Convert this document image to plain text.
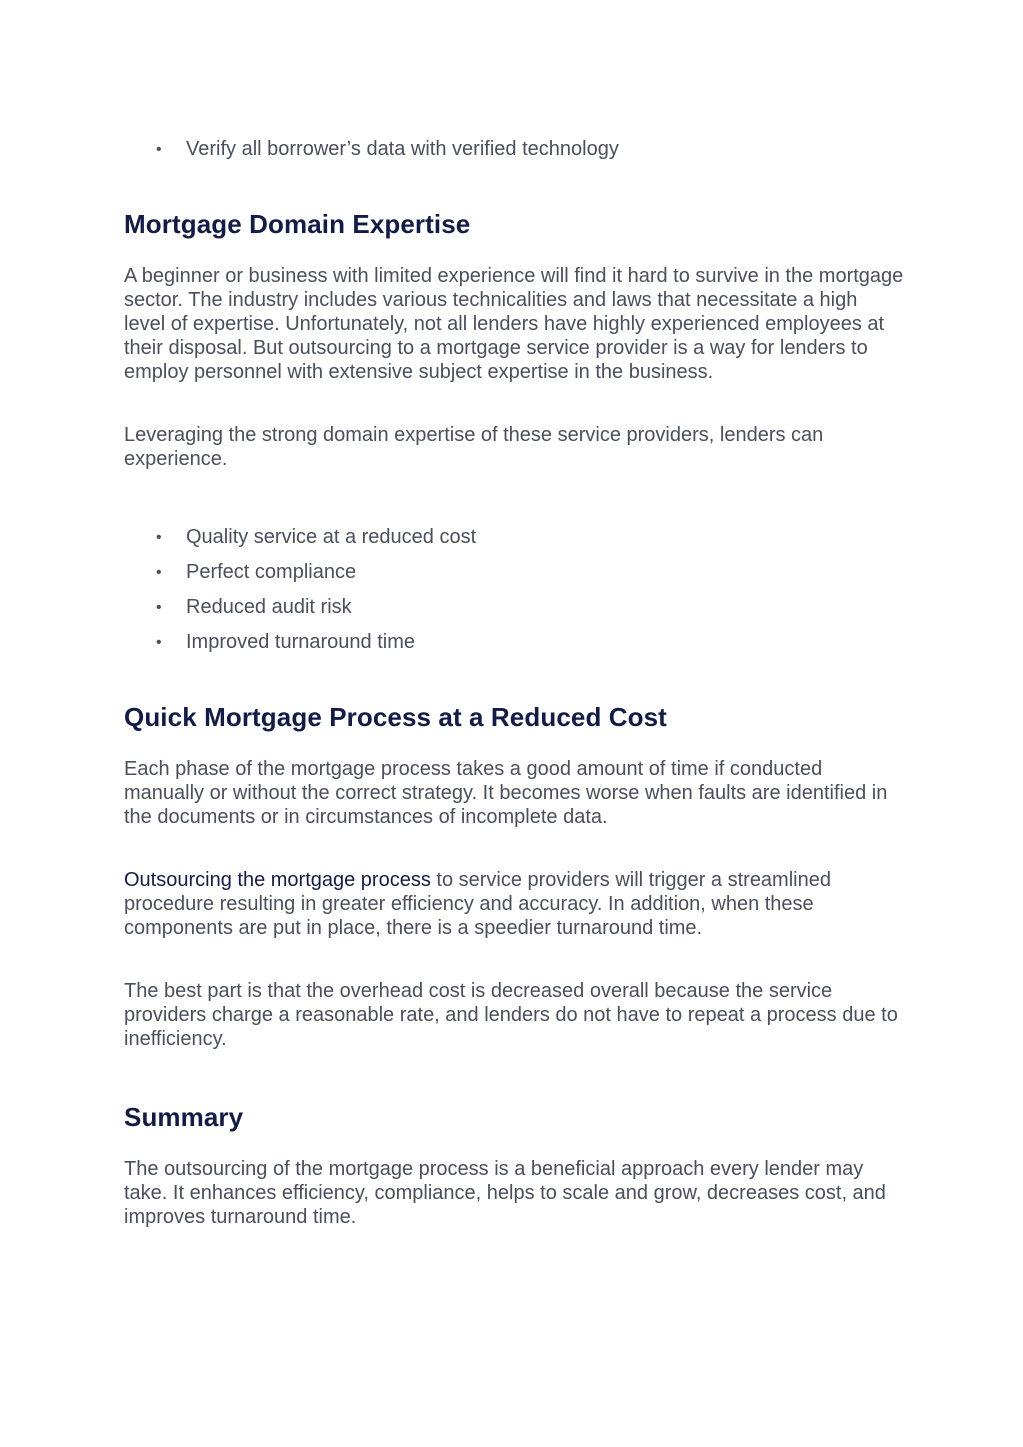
• Verify all borrower’s data with verified technology
Mortgage Domain Expertise

A beginner or business with limited experience will find it hard to survive in the mortgage sector. The industry includes various technicalities and laws that necessitate a high level of expertise. Unfortunately, not all lenders have highly experienced employees at their disposal. But outsourcing to a mortgage service provider is a way for lenders to employ personnel with extensive subject expertise in the business.

Leveraging the strong domain expertise of these service providers, lenders can experience.

• Quality service at a reduced cost
• Perfect compliance
• Reduced audit risk
• Improved turnaround time
Quick Mortgage Process at a Reduced Cost

Each phase of the mortgage process takes a good amount of time if conducted manually or without the correct strategy. It becomes worse when faults are identified in the documents or in circumstances of incomplete data.

Outsourcing the mortgage process to service providers will trigger a streamlined procedure resulting in greater efficiency and accuracy. In addition, when these components are put in place, there is a speedier turnaround time.

The best part is that the overhead cost is decreased overall because the service providers charge a reasonable rate, and lenders do not have to repeat a process due to inefficiency.

Summary

The outsourcing of the mortgage process is a beneficial approach every lender may take. It enhances efficiency, compliance, helps to scale and grow, decreases cost, and improves turnaround time.
